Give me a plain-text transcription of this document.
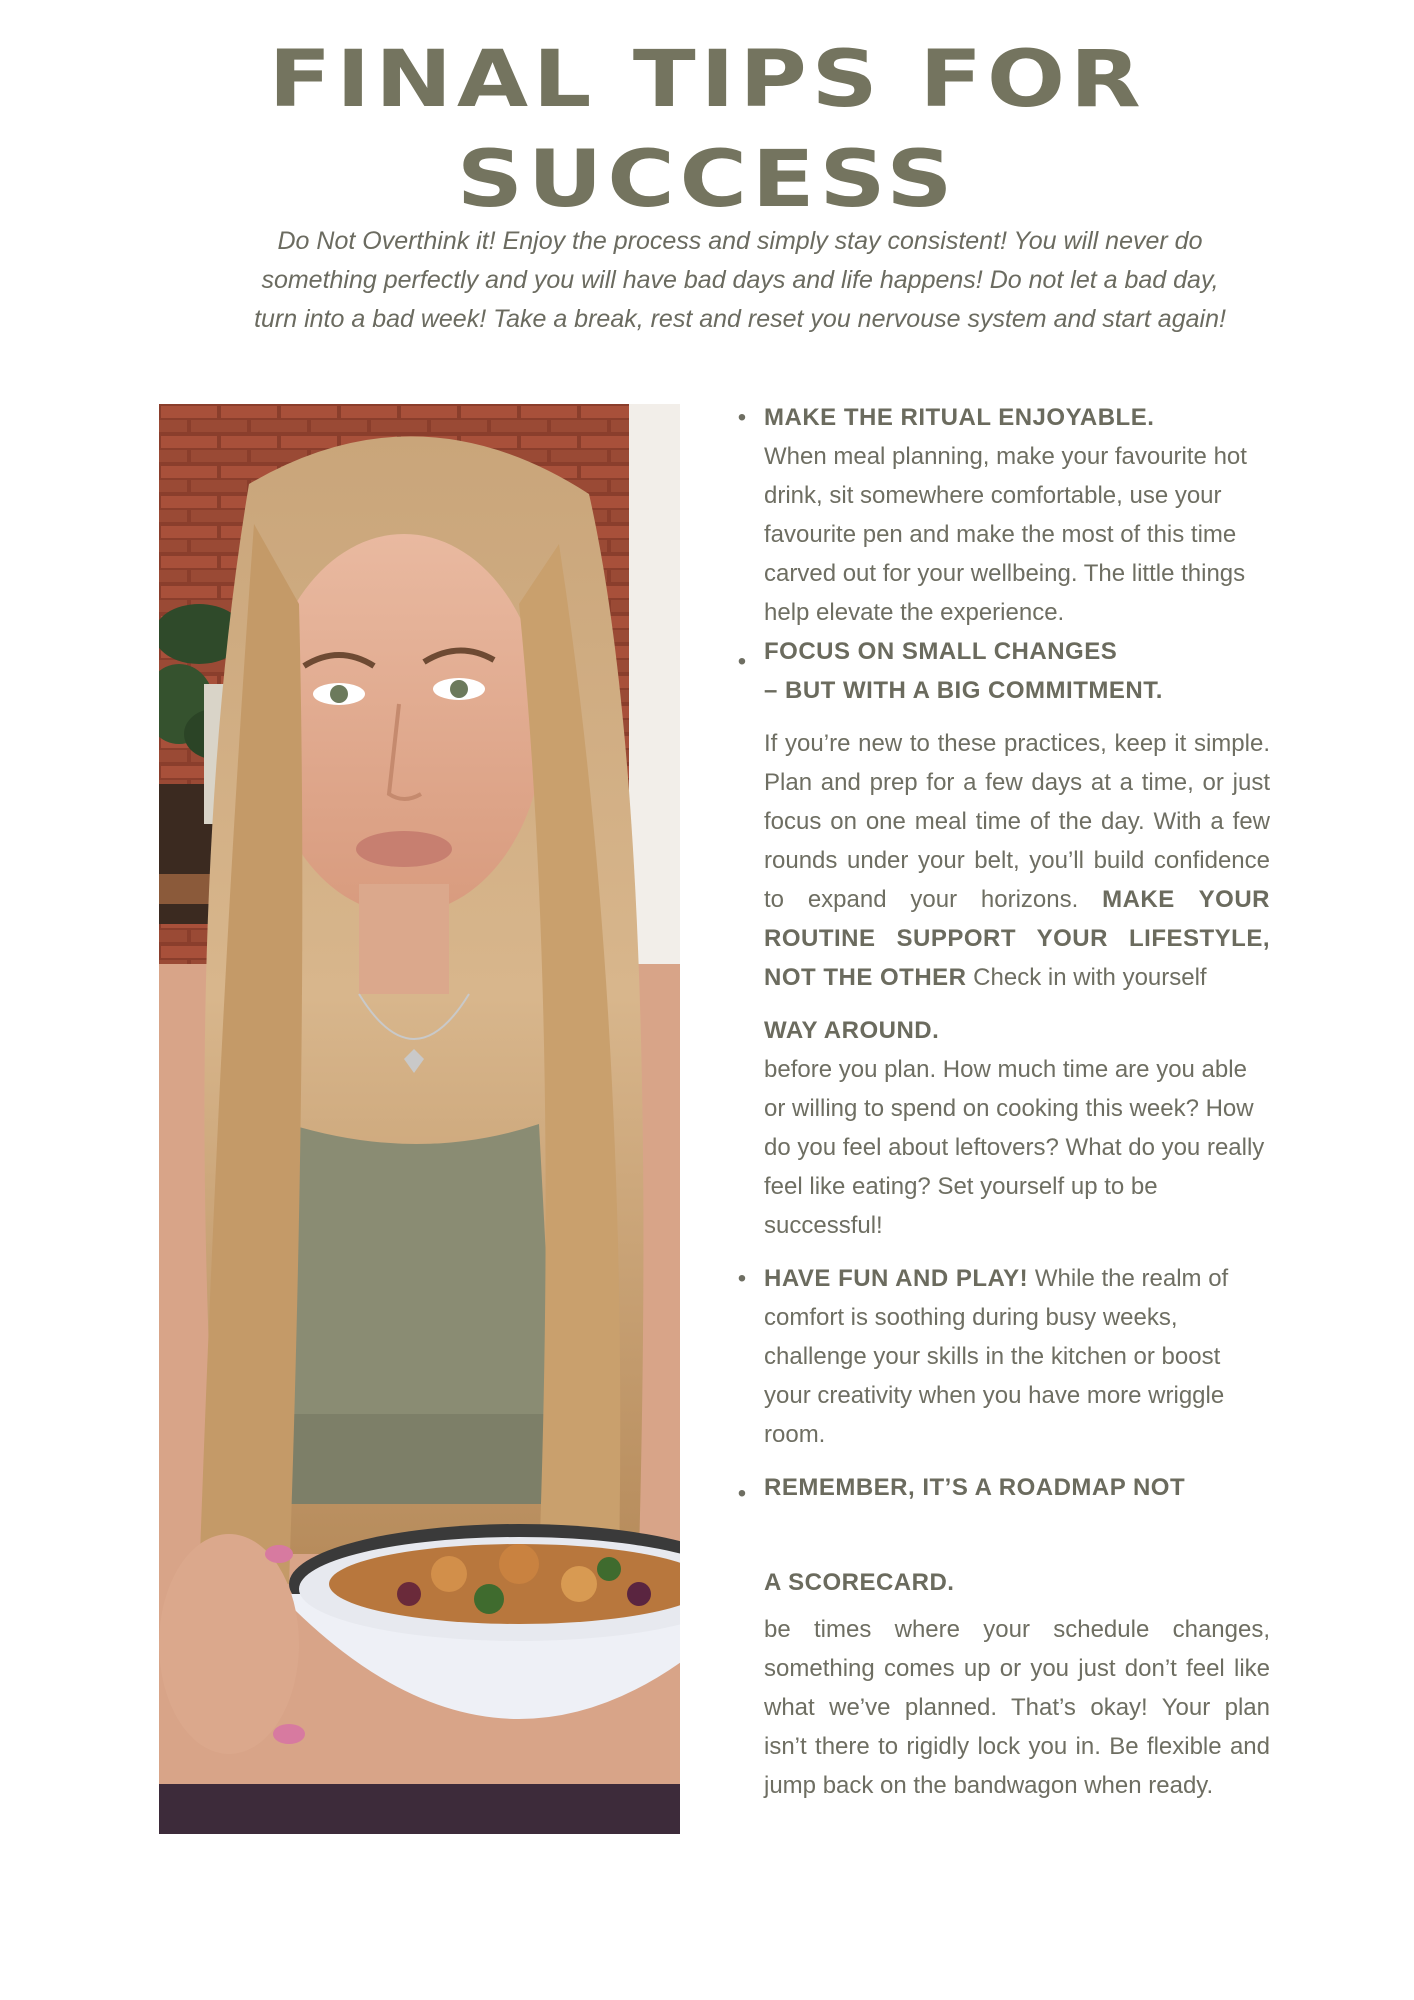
FINAL TIPS FOR
SUCCESS
Do Not Overthink it! Enjoy the process and simply stay consistent! You will never do something perfectly and you will have bad days and life happens! Do not let a bad day, turn into a bad week! Take a break, rest and reset you nervouse system and start again!
• MAKE THE RITUAL ENJOYABLE.
When meal planning, make your favourite hot drink, sit somewhere comfortable, use your favourite pen and make the most of this time carved out for your wellbeing. The little things help elevate the experience.
• FOCUS ON SMALL CHANGES
– BUT WITH A BIG COMMITMENT.
If you’re new to these practices, keep it simple. Plan and prep for a few days at a time, or just focus on one meal time of the day. With a few rounds under your belt, you’ll build confidence to expand your horizons. MAKE YOUR ROUTINE SUPPORT YOUR LIFESTYLE, NOT THE OTHER Check in with yourself
WAY AROUND.
before you plan. How much time are you able or willing to spend on cooking this week? How do you feel about leftovers? What do you really feel like eating? Set yourself up to be successful!
• HAVE FUN AND PLAY! While the realm of comfort is soothing during busy weeks, challenge your skills in the kitchen or boost your creativity when you have more wriggle room.
• REMEMBER, IT’S A ROADMAP NOT
A SCORECARD.
be times where your schedule changes, something comes up or you just don’t feel like what we’ve planned. That’s okay! Your plan isn’t there to rigidly lock you in. Be flexible and jump back on the bandwagon when ready.
